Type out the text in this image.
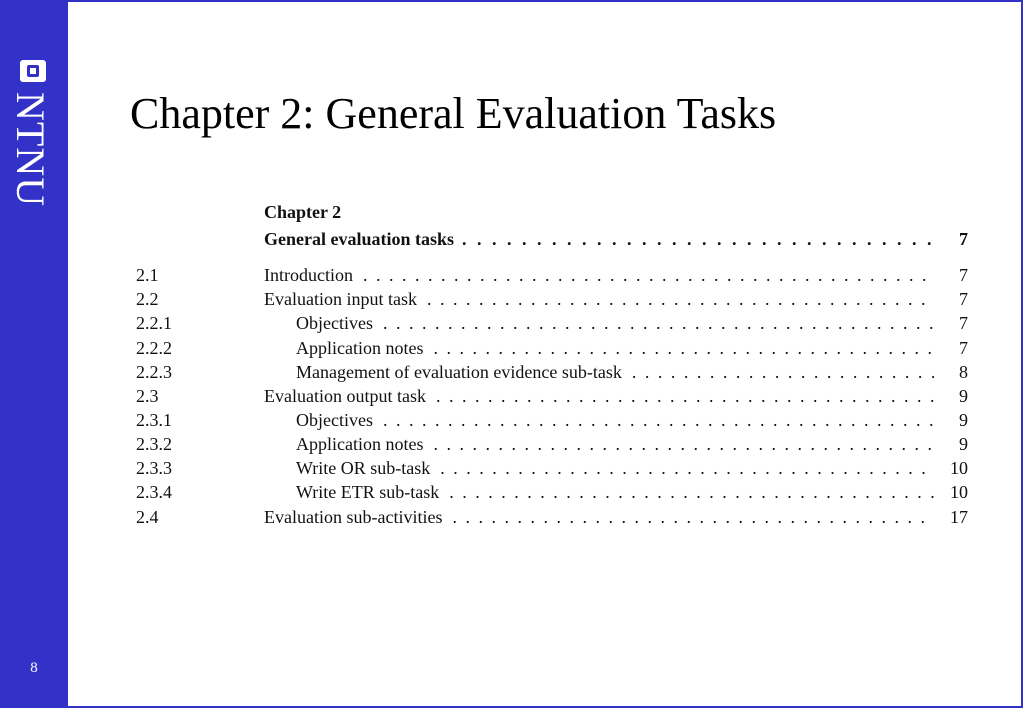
NTNU
8
Chapter 2: General Evaluation Tasks
Chapter 2
General evaluation tasks . . .	7
2.1	Introduction . . .	7
2.2	Evaluation input task . . .	7
2.2.1	Objectives . . .	7
2.2.2	Application notes . . .	7
2.2.3	Management of evaluation evidence sub-task . . .	8
2.3	Evaluation output task . . .	9
2.3.1	Objectives . . .	9
2.3.2	Application notes . . .	9
2.3.3	Write OR sub-task . . .	10
2.3.4	Write ETR sub-task . . .	10
2.4	Evaluation sub-activities . . .	17
